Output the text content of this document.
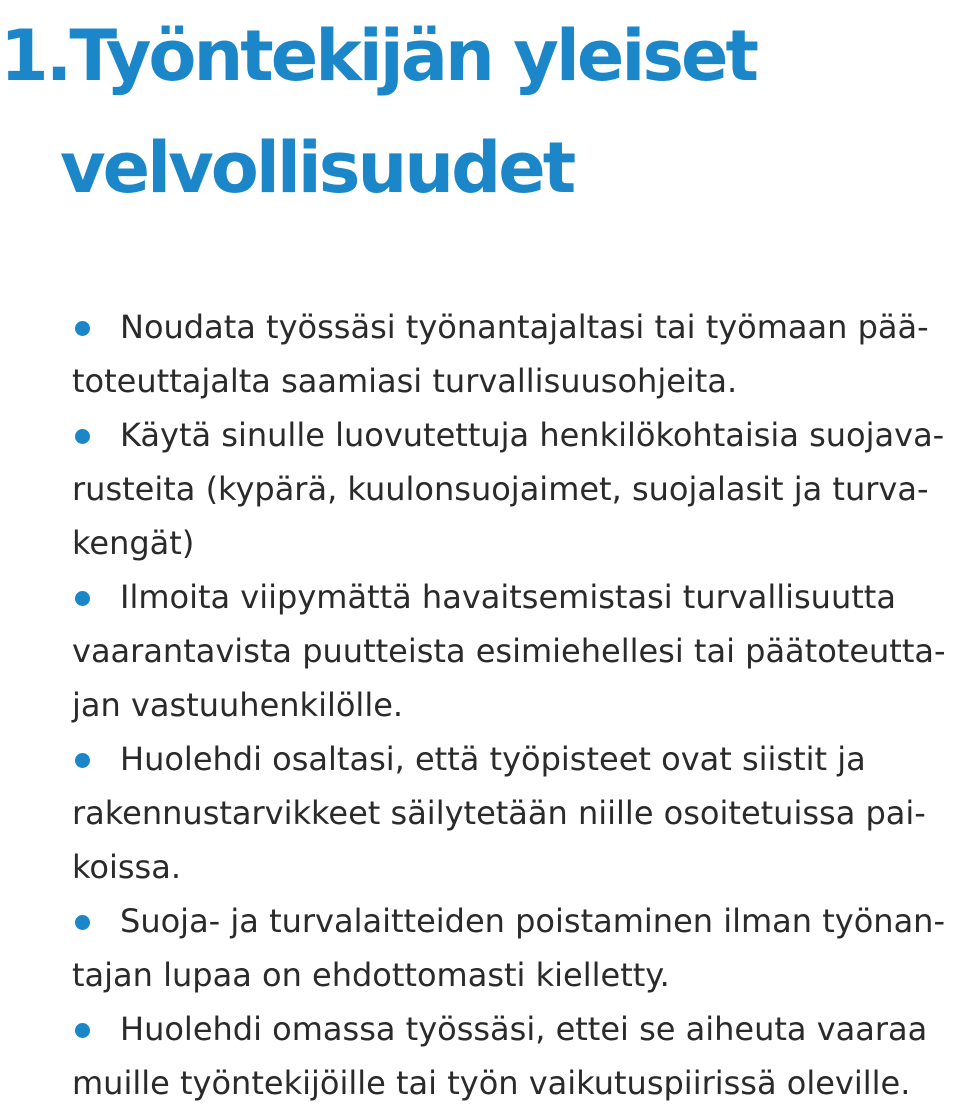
1.Työntekijän yleiset
velvollisuudet
Noudata työssäsi työnantajaltasi tai työmaan pää-
toteuttajalta saamiasi turvallisuusohjeita.
Käytä sinulle luovutettuja henkilökohtaisia suojava-
rusteita (kypärä, kuulonsuojaimet, suojalasit ja turva-
kengät)
Ilmoita viipymättä havaitsemistasi turvallisuutta
vaarantavista puutteista esimiehellesi tai päätoteutta-
jan vastuuhenkilölle.
Huolehdi osaltasi, että työpisteet ovat siistit ja
rakennustarvikkeet säilytetään niille osoitetuissa pai-
koissa.
Suoja- ja turvalaitteiden poistaminen ilman työnan-
tajan lupaa on ehdottomasti kielletty.
Huolehdi omassa työssäsi, ettei se aiheuta vaaraa
muille työntekijöille tai työn vaikutuspiirissä oleville.
